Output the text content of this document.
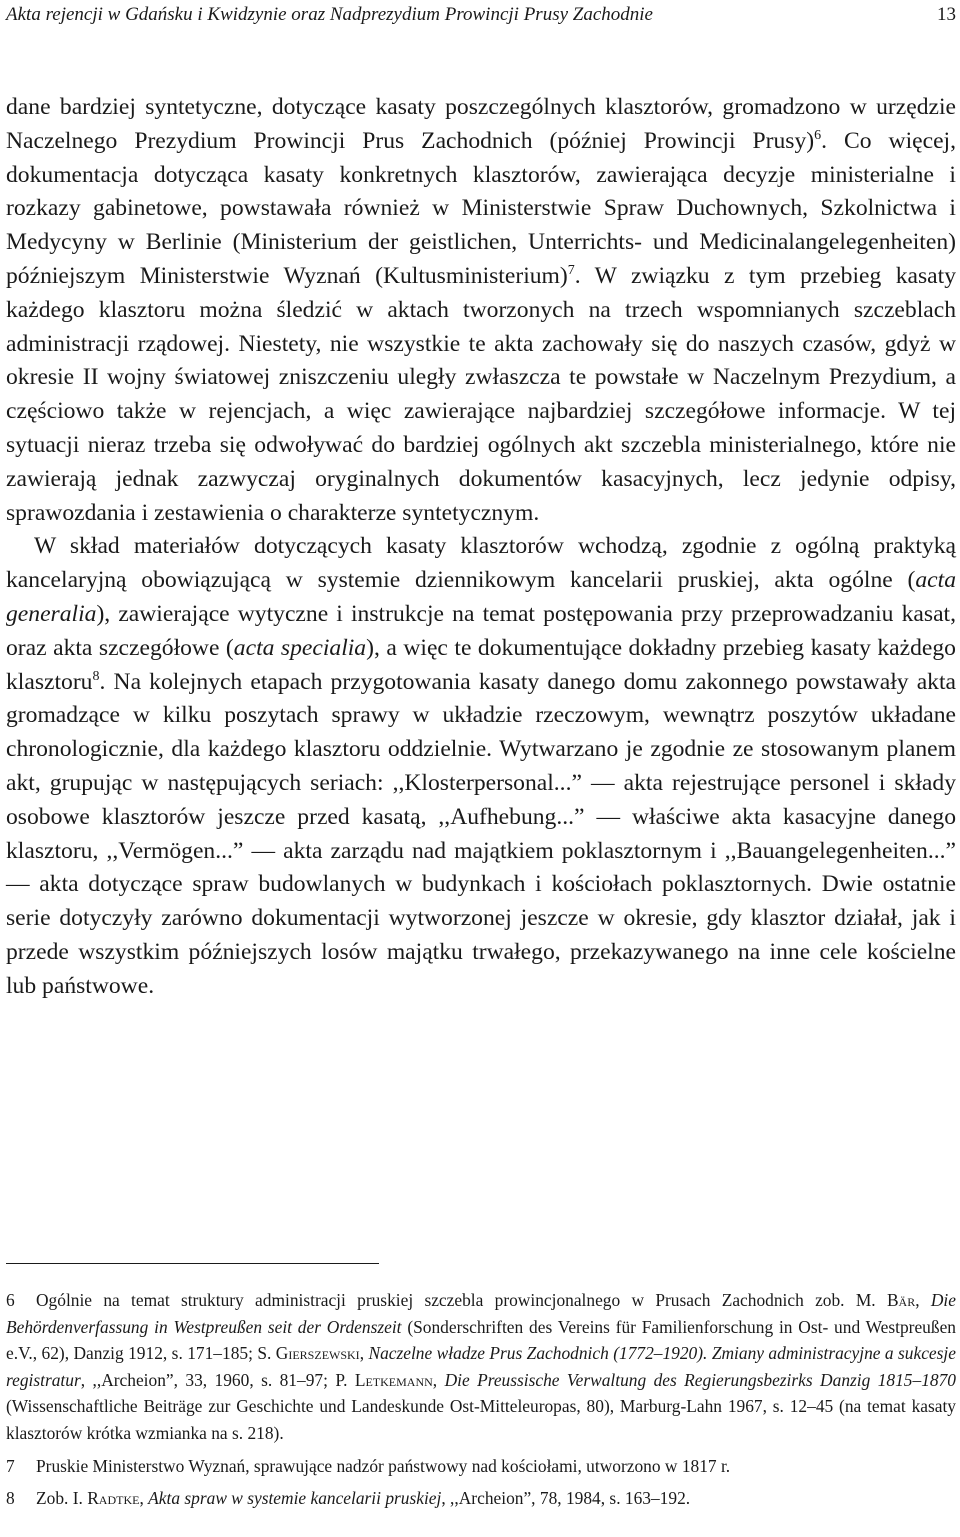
Akta rejencji w Gdańsku i Kwidzynie oraz Nadprezydium Prowincji Prusy Zachodnie	13

dane bardziej syntetyczne, dotyczące kasaty poszczególnych klasztorów, gromadzono w urzędzie Naczelnego Prezydium Prowincji Prus Zachodnich (później Prowincji Prusy)$^6$. Co więcej, dokumentacja dotycząca kasaty konkretnych klasztorów, zawierająca decyzje ministerialne i rozkazy gabinetowe, powstawała również w Ministerstwie Spraw Duchownych, Szkolnictwa i Medycyny w Berlinie (Ministerium der geistlichen, Unterrichts- und Medicinalangelegenheiten) późniejszym Ministerstwie Wyznań (Kultusministerium)$^7$. W związku z tym przebieg kasaty każdego klasztoru można śledzić w aktach tworzonych na trzech wspomnianych szczeblach administracji rządowej. Niestety, nie wszystkie te akta zachowały się do naszych czasów, gdyż w okresie II wojny światowej zniszczeniu uległy zwłaszcza te powstałe w Naczelnym Prezydium, a częściowo także w rejencjach, a więc zawierające najbardziej szczegółowe informacje. W tej sytuacji nieraz trzeba się odwoływać do bardziej ogólnych akt szczebla ministerialnego, które nie zawierają jednak zazwyczaj oryginalnych dokumentów kasacyjnych, lecz jedynie odpisy, sprawozdania i zestawienia o charakterze syntetycznym.

W skład materiałów dotyczących kasaty klasztorów wchodzą, zgodnie z ogólną praktyką kancelaryjną obowiązującą w systemie dziennikowym kancelarii pruskiej, akta ogólne (acta generalia), zawierające wytyczne i instrukcje na temat postępowania przy przeprowadzaniu kasat, oraz akta szczegółowe (acta specialia), a więc te dokumentujące dokładny przebieg kasaty każdego klasztoru$^8$. Na kolejnych etapach przygotowania kasaty danego domu zakonnego powstawały akta gromadzące w kilku poszytach sprawy w układzie rzeczowym, wewnątrz poszytów układane chronologicznie, dla każdego klasztoru oddzielnie. Wytwarzano je zgodnie ze stosowanym planem akt, grupując w następujących seriach: ,,Klosterpersonal...” — akta rejestrujące personel i składy osobowe klasztorów jeszcze przed kasatą, ,,Aufhebung...” — właściwe akta kasacyjne danego klasztoru, ,,Vermögen...” — akta zarządu nad majątkiem poklasztornym i ,,Bauangelegenheiten...” — akta dotyczące spraw budowlanych w budynkach i kościołach poklasztornych. Dwie ostatnie serie dotyczyły zarówno dokumentacji wytworzonej jeszcze w okresie, gdy klasztor działał, jak i przede wszystkim późniejszych losów majątku trwałego, przekazywanego na inne cele kościelne lub państwowe.

6 Ogólnie na temat struktury administracji pruskiej szczebla prowincjonalnego w Prusach Zachodnich zob. M. Bär, Die Behördenverfassung in Westpreußen seit der Ordenszeit (Sonderschriften des Vereins für Familienforschung in Ost- und Westpreußen e.V., 62), Danzig 1912, s. 171–185; S. Gierszewski, Naczelne władze Prus Zachodnich (1772–1920). Zmiany administracyjne a sukcesje registratur, ,,Archeion”, 33, 1960, s. 81–97; P. Letkemann, Die Preussische Verwaltung des Regierungsbezirks Danzig 1815–1870 (Wissenschaftliche Beiträge zur Geschichte und Landeskunde Ost-Mitteleuropas, 80), Marburg-Lahn 1967, s. 12–45 (na temat kasaty klasztorów krótka wzmianka na s. 218).

7 Pruskie Ministerstwo Wyznań, sprawujące nadzór państwowy nad kościołami, utworzono w 1817 r.

8 Zob. I. Radtke, Akta spraw w systemie kancelarii pruskiej, ,,Archeion”, 78, 1984, s. 163–192.
